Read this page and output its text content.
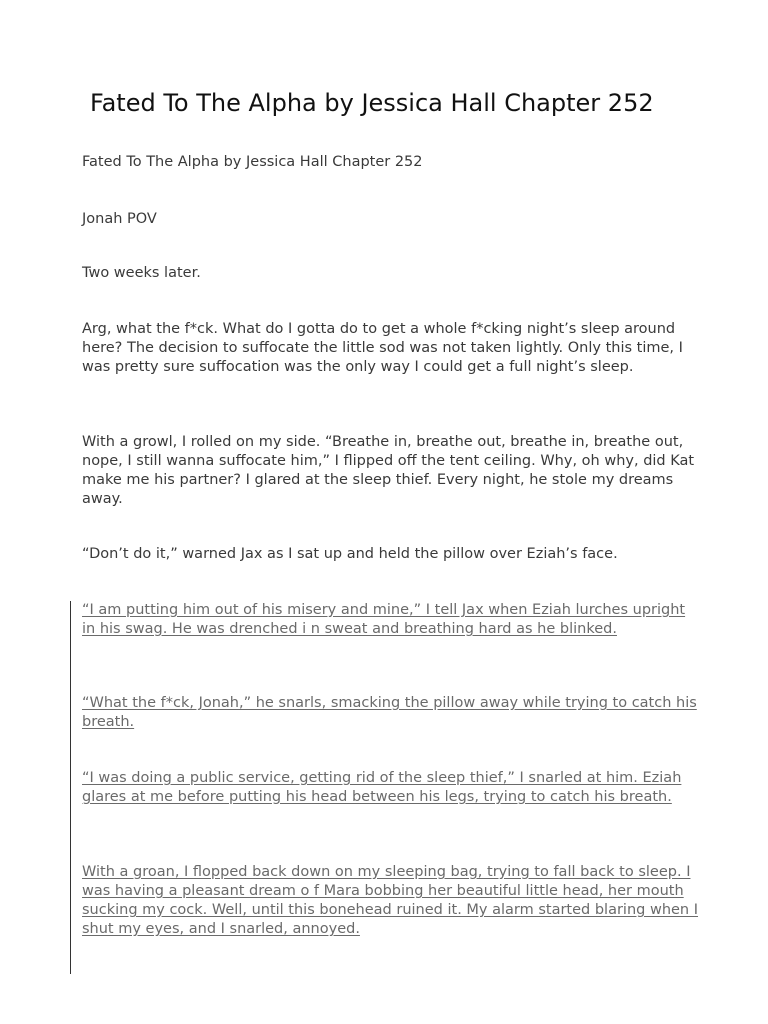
Fated To The Alpha by Jessica Hall Chapter 252

Fated To The Alpha by Jessica Hall Chapter 252

Jonah POV

Two weeks later.

Arg, what the f*ck. What do I gotta do to get a whole f*cking night’s sleep around here? The decision to suffocate the little sod was not taken lightly. Only this time, I was pretty sure suffocation was the only way I could get a full night’s sleep.

With a growl, I rolled on my side. “Breathe in, breathe out, breathe in, breathe out, nope, I still wanna suffocate him,” I flipped off the tent ceiling. Why, oh why, did Kat make me his partner? I glared at the sleep thief. Every night, he stole my dreams away.

“Don’t do it,” warned Jax as I sat up and held the pillow over Eziah’s face.

“I am putting him out of his misery and mine,” I tell Jax when Eziah lurches upright in his swag. He was drenched i n sweat and breathing hard as he blinked.

“What the f*ck, Jonah,” he snarls, smacking the pillow away while trying to catch his breath.

“I was doing a public service, getting rid of the sleep thief,” I snarled at him. Eziah glares at me before putting his head between his legs, trying to catch his breath.

With a groan, I flopped back down on my sleeping bag, trying to fall back to sleep. I was having a pleasant dream o f Mara bobbing her beautiful little head, her mouth sucking my cock. Well, until this bonehead ruined it. My alarm started blaring when I shut my eyes, and I snarled, annoyed.
